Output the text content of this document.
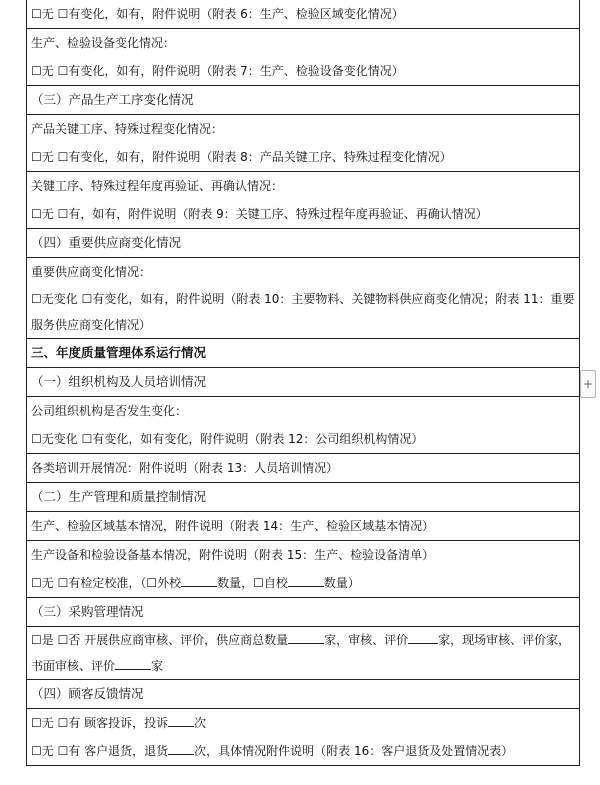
☐无 ☐有变化，如有，附件说明（附表 6：生产、检验区域变化情况）
生产、检验设备变化情况：
☐无 ☐有变化，如有，附件说明（附表 7：生产、检验设备变化情况）
（三）产品生产工序变化情况
产品关键工序、特殊过程变化情况：
☐无 ☐有变化，如有，附件说明（附表 8：产品关键工序、特殊过程变化情况）
关键工序、特殊过程年度再验证、再确认情况：
☐无 ☐有，如有，附件说明（附表 9：关键工序、特殊过程年度再验证、再确认情况）
（四）重要供应商变化情况
重要供应商变化情况：
☐无变化 ☐有变化，如有，附件说明（附表 10：主要物料、关键物料供应商变化情况；附表 11：重要服务供应商变化情况）
三、年度质量管理体系运行情况
（一）组织机构及人员培训情况
公司组织机构是否发生变化：
☐无变化 ☐有变化，如有变化，附件说明（附表 12：公司组织机构情况）
各类培训开展情况：附件说明（附表 13：人员培训情况）
（二）生产管理和质量控制情况
生产、检验区域基本情况，附件说明（附表 14：生产、检验区域基本情况）
生产设备和检验设备基本情况，附件说明（附表 15：生产、检验设备清单）
☐无 ☐有检定校准，（☐外校	数量，☐自校	数量）
（三）采购管理情况
☐是 ☐否 开展供应商审核、评价，供应商总数量	家，审核、评价	家，现场审核、评价家，书面审核、评价	家
（四）顾客反馈情况
☐无 ☐有 顾客投诉，投诉 次
☐无 ☐有 客户退货，退货 次，具体情况附件说明（附表 16：客户退货及处置情况表）
+
